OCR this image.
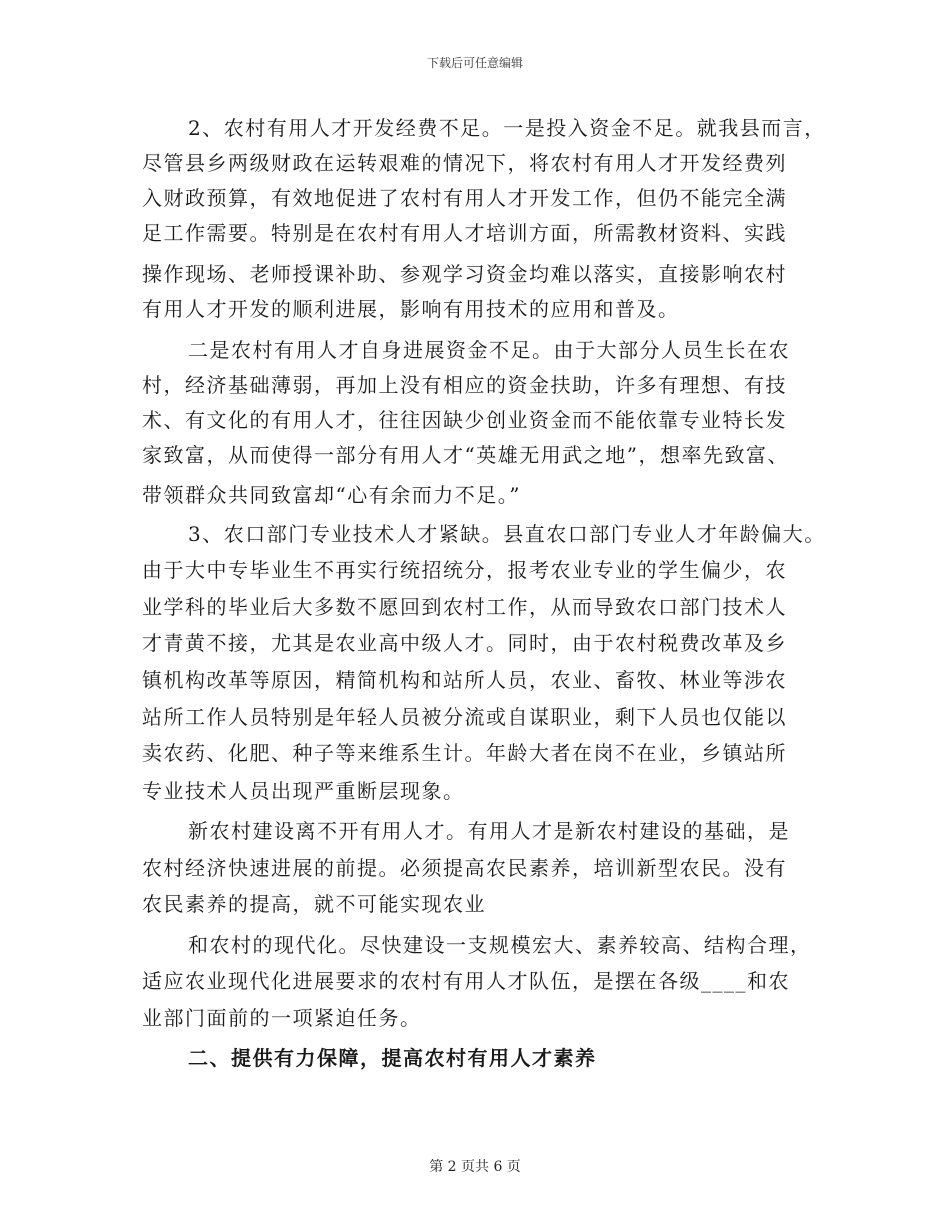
下载后可任意编辑
2、农村有用人才开发经费不足。一是投入资金不足。就我县而言，
尽管县乡两级财政在运转艰难的情况下，将农村有用人才开发经费列
入财政预算，有效地促进了农村有用人才开发工作，但仍不能完全满
足工作需要。特别是在农村有用人才培训方面，所需教材资料、实践
操作现场、老师授课补助、参观学习资金均难以落实，直接影响农村
有用人才开发的顺利进展，影响有用技术的应用和普及。
二是农村有用人才自身进展资金不足。由于大部分人员生长在农
村，经济基础薄弱，再加上没有相应的资金扶助，许多有理想、有技
术、有文化的有用人才，往往因缺少创业资金而不能依靠专业特长发
家致富，从而使得一部分有用人才“英雄无用武之地”，想率先致富、
带领群众共同致富却“心有余而力不足。”
3、农口部门专业技术人才紧缺。县直农口部门专业人才年龄偏大。
由于大中专毕业生不再实行统招统分，报考农业专业的学生偏少，农
业学科的毕业后大多数不愿回到农村工作，从而导致农口部门技术人
才青黄不接，尤其是农业高中级人才。同时，由于农村税费改革及乡
镇机构改革等原因，精简机构和站所人员，农业、畜牧、林业等涉农
站所工作人员特别是年轻人员被分流或自谋职业，剩下人员也仅能以
卖农药、化肥、种子等来维系生计。年龄大者在岗不在业，乡镇站所
专业技术人员出现严重断层现象。
新农村建设离不开有用人才。有用人才是新农村建设的基础，是
农村经济快速进展的前提。必须提高农民素养，培训新型农民。没有
农民素养的提高，就不可能实现农业
和农村的现代化。尽快建设一支规模宏大、素养较高、结构合理，
适应农业现代化进展要求的农村有用人才队伍，是摆在各级____和农
业部门面前的一项紧迫任务。
二、提供有力保障，提高农村有用人才素养
第 2 页共 6 页
